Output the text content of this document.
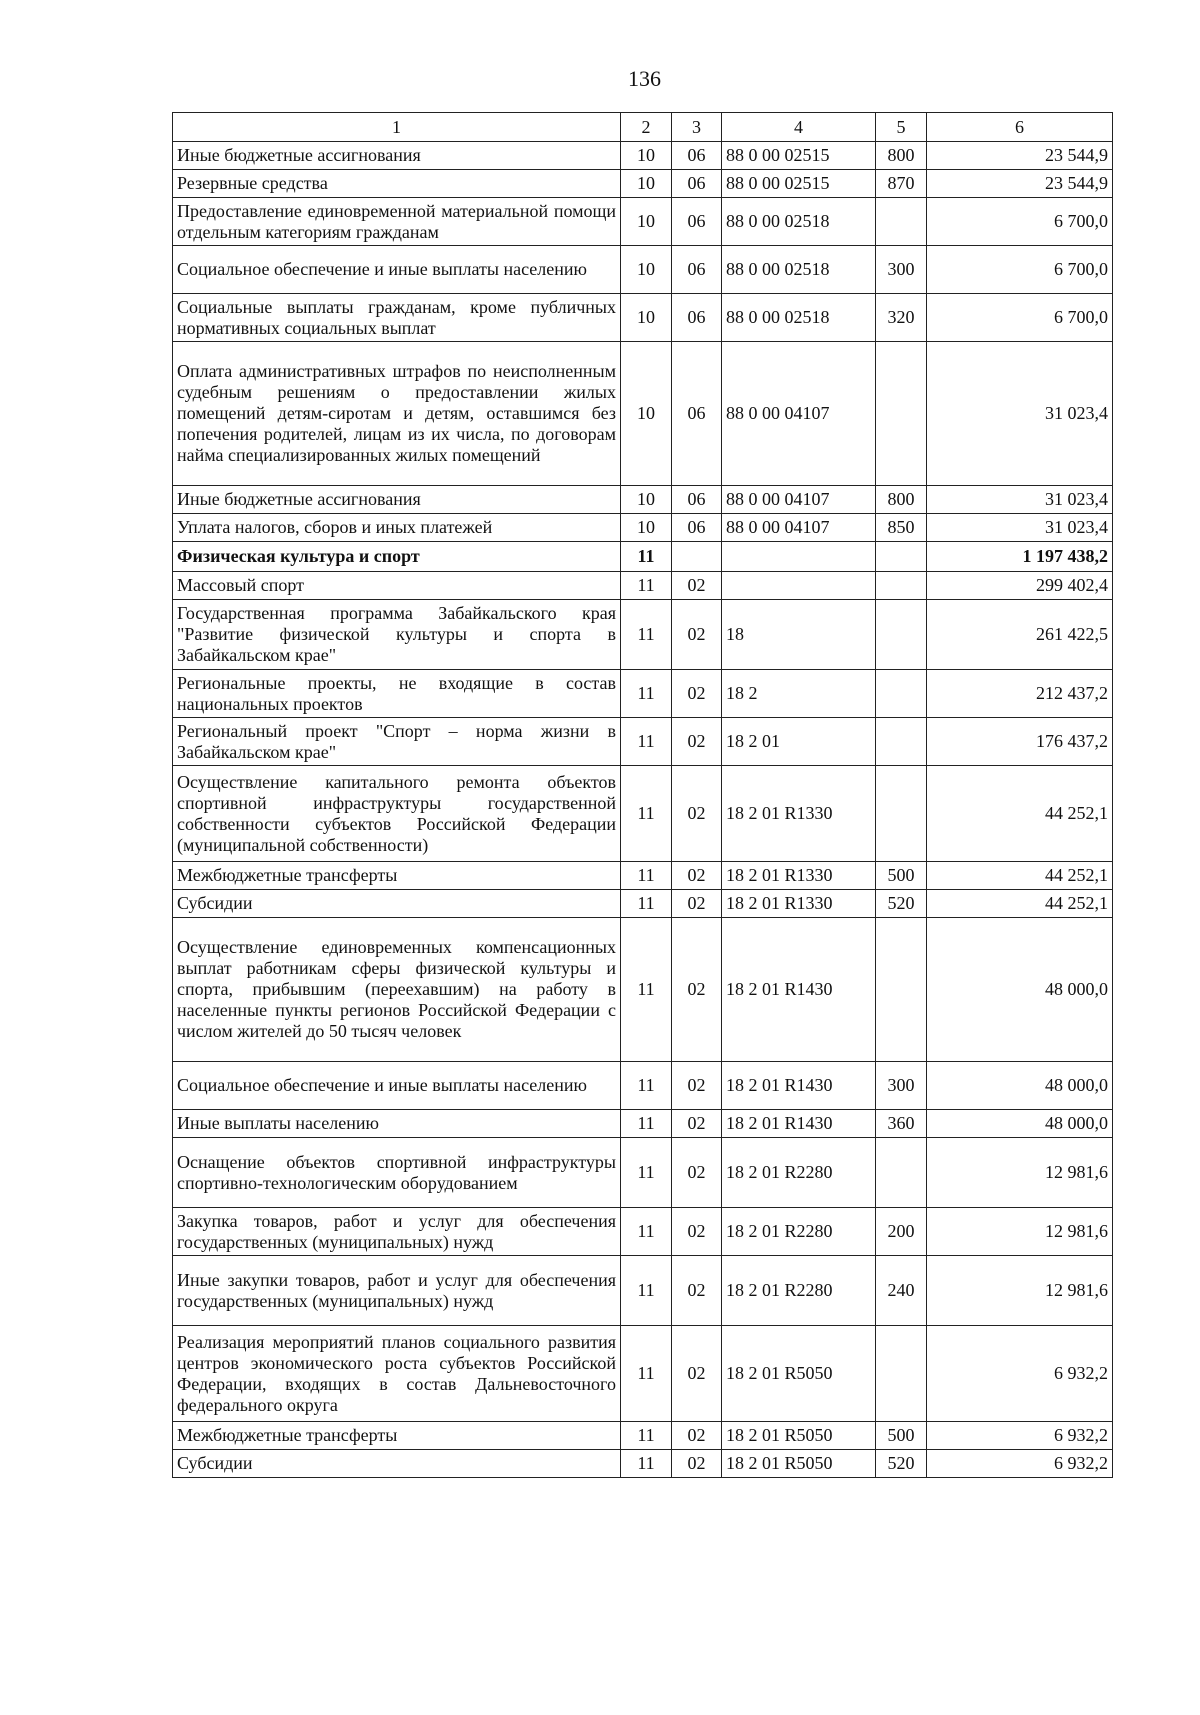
136
1	2	3	4	5	6
Иные бюджетные ассигнования	10	06	88 0 00 02515	800	23 544,9
Резервные средства	10	06	88 0 00 02515	870	23 544,9
Предоставление единовременной материальной помощи отдельным категориям гражданам	10	06	88 0 00 02518		6 700,0
Социальное обеспечение и иные выплаты населению	10	06	88 0 00 02518	300	6 700,0
Социальные выплаты гражданам, кроме публичных нормативных социальных выплат	10	06	88 0 00 02518	320	6 700,0
Оплата административных штрафов по неисполненным судебным решениям о предоставлении жилых помещений детям-сиротам и детям, оставшимся без попечения родителей, лицам из их числа, по договорам найма специализированных жилых помещений	10	06	88 0 00 04107		31 023,4
Иные бюджетные ассигнования	10	06	88 0 00 04107	800	31 023,4
Уплата налогов, сборов и иных платежей	10	06	88 0 00 04107	850	31 023,4
Физическая культура и спорт	11				1 197 438,2
Массовый спорт	11	02			299 402,4
Государственная программа Забайкальского края "Развитие физической культуры и спорта в Забайкальском крае"	11	02	18		261 422,5
Региональные проекты, не входящие в состав национальных проектов	11	02	18 2		212 437,2
Региональный проект "Спорт – норма жизни в Забайкальском крае"	11	02	18 2 01		176 437,2
Осуществление капитального ремонта объектов спортивной инфраструктуры государственной собственности субъектов Российской Федерации (муниципальной собственности)	11	02	18 2 01 R1330		44 252,1
Межбюджетные трансферты	11	02	18 2 01 R1330	500	44 252,1
Субсидии	11	02	18 2 01 R1330	520	44 252,1
Осуществление единовременных компенсационных выплат работникам сферы физической культуры и спорта, прибывшим (переехавшим) на работу в населенные пункты регионов Российской Федерации с числом жителей до 50 тысяч человек	11	02	18 2 01 R1430		48 000,0
Социальное обеспечение и иные выплаты населению	11	02	18 2 01 R1430	300	48 000,0
Иные выплаты населению	11	02	18 2 01 R1430	360	48 000,0
Оснащение объектов спортивной инфраструктуры спортивно-технологическим оборудованием	11	02	18 2 01 R2280		12 981,6
Закупка товаров, работ и услуг для обеспечения государственных (муниципальных) нужд	11	02	18 2 01 R2280	200	12 981,6
Иные закупки товаров, работ и услуг для обеспечения государственных (муниципальных) нужд	11	02	18 2 01 R2280	240	12 981,6
Реализация мероприятий планов социального развития центров экономического роста субъектов Российской Федерации, входящих в состав Дальневосточного федерального округа	11	02	18 2 01 R5050		6 932,2
Межбюджетные трансферты	11	02	18 2 01 R5050	500	6 932,2
Субсидии	11	02	18 2 01 R5050	520	6 932,2
